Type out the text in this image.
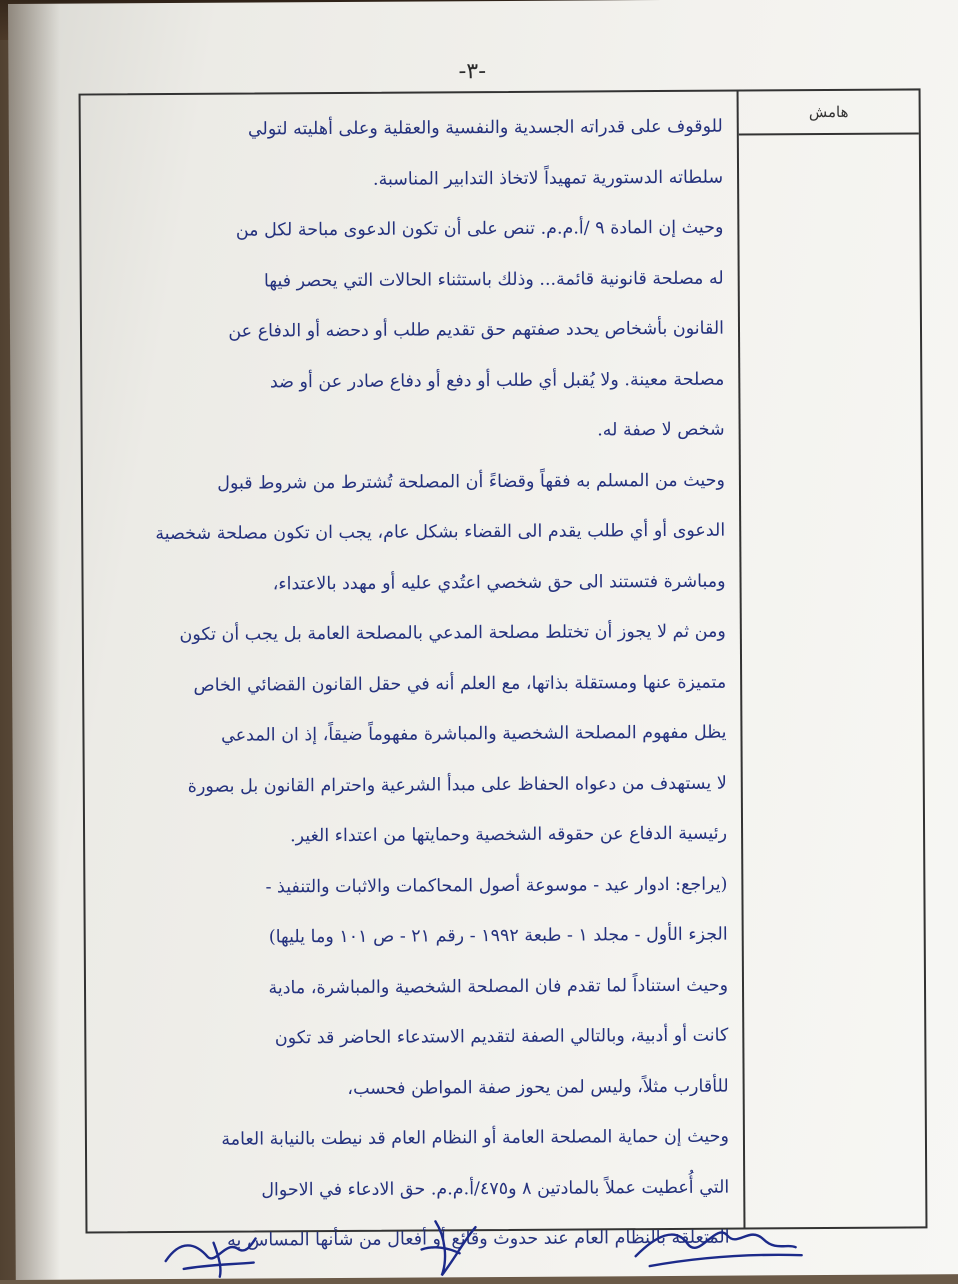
-٣-
هامش
للوقوف على قدراته الجسدية والنفسية والعقلية وعلى أهليته لتولي
سلطاته الدستورية تمهيداً لاتخاذ التدابير المناسبة.
وحيث إن المادة ٩ /أ.م.م. تنص على أن تكون الدعوى مباحة لكل من
له مصلحة قانونية قائمة... وذلك باستثناء الحالات التي يحصر فيها
القانون بأشخاص يحدد صفتهم حق تقديم طلب أو دحضه أو الدفاع عن
مصلحة معينة. ولا يُقبل أي طلب أو دفع أو دفاع صادر عن أو ضد
شخص لا صفة له.
وحيث من المسلم به فقهاً وقضاءً أن المصلحة تُشترط من شروط قبول
الدعوى أو أي طلب يقدم الى القضاء بشكل عام، يجب ان تكون مصلحة شخصية
ومباشرة فتستند الى حق شخصي اعتُدي عليه أو مهدد بالاعتداء،
ومن ثم لا يجوز أن تختلط مصلحة المدعي بالمصلحة العامة بل يجب أن تكون
متميزة عنها ومستقلة بذاتها، مع العلم أنه في حقل القانون القضائي الخاص
يظل مفهوم المصلحة الشخصية والمباشرة مفهوماً ضيقاً، إذ ان المدعي
لا يستهدف من دعواه الحفاظ على مبدأ الشرعية واحترام القانون بل بصورة
رئيسية الدفاع عن حقوقه الشخصية وحمايتها من اعتداء الغير.
(يراجع: ادوار عيد - موسوعة أصول المحاكمات والاثبات والتنفيذ -
الجزء الأول - مجلد ١ - طبعة ١٩٩٢ - رقم ٢١ - ص ١٠١ وما يليها)
وحيث استناداً لما تقدم فان المصلحة الشخصية والمباشرة، مادية
كانت أو أدبية، وبالتالي الصفة لتقديم الاستدعاء الحاضر قد تكون
للأقارب مثلاً، وليس لمن يحوز صفة المواطن فحسب،
وحيث إن حماية المصلحة العامة أو النظام العام قد نيطت بالنيابة العامة
التي أُعطيت عملاً بالمادتين ٨ و٤٧٥/أ.م.م. حق الادعاء في الاحوال
المتعلقة بالنظام العام عند حدوث وقائع أو أفعال من شأنها المساس به
